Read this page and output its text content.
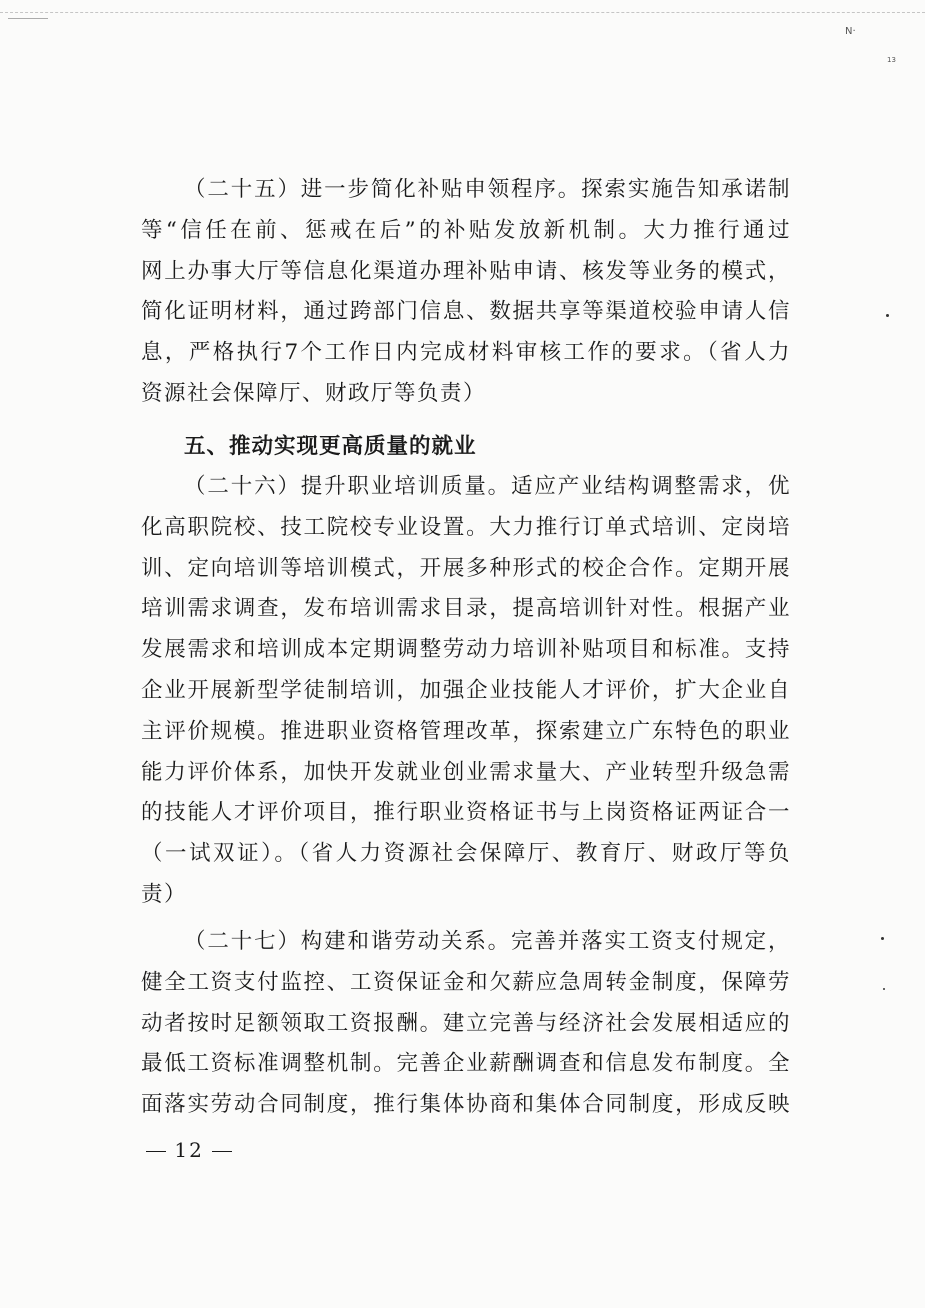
N·
13
（二十五）进一步简化补贴申领程序。探索实施告知承诺制
等“信任在前、惩戒在后”的补贴发放新机制。大力推行通过
网上办事大厅等信息化渠道办理补贴申请、核发等业务的模式，
简化证明材料，通过跨部门信息、数据共享等渠道校验申请人信
息，严格执行7个工作日内完成材料审核工作的要求。（省人力
资源社会保障厅、财政厅等负责）
五、推动实现更高质量的就业
（二十六）提升职业培训质量。适应产业结构调整需求，优
化高职院校、技工院校专业设置。大力推行订单式培训、定岗培
训、定向培训等培训模式，开展多种形式的校企合作。定期开展
培训需求调查，发布培训需求目录，提高培训针对性。根据产业
发展需求和培训成本定期调整劳动力培训补贴项目和标准。支持
企业开展新型学徒制培训，加强企业技能人才评价，扩大企业自
主评价规模。推进职业资格管理改革，探索建立广东特色的职业
能力评价体系，加快开发就业创业需求量大、产业转型升级急需
的技能人才评价项目，推行职业资格证书与上岗资格证两证合一
（一试双证）。（省人力资源社会保障厅、教育厅、财政厅等负
责）
（二十七）构建和谐劳动关系。完善并落实工资支付规定，
健全工资支付监控、工资保证金和欠薪应急周转金制度，保障劳
动者按时足额领取工资报酬。建立完善与经济社会发展相适应的
最低工资标准调整机制。完善企业薪酬调查和信息发布制度。全
面落实劳动合同制度，推行集体协商和集体合同制度，形成反映
12
